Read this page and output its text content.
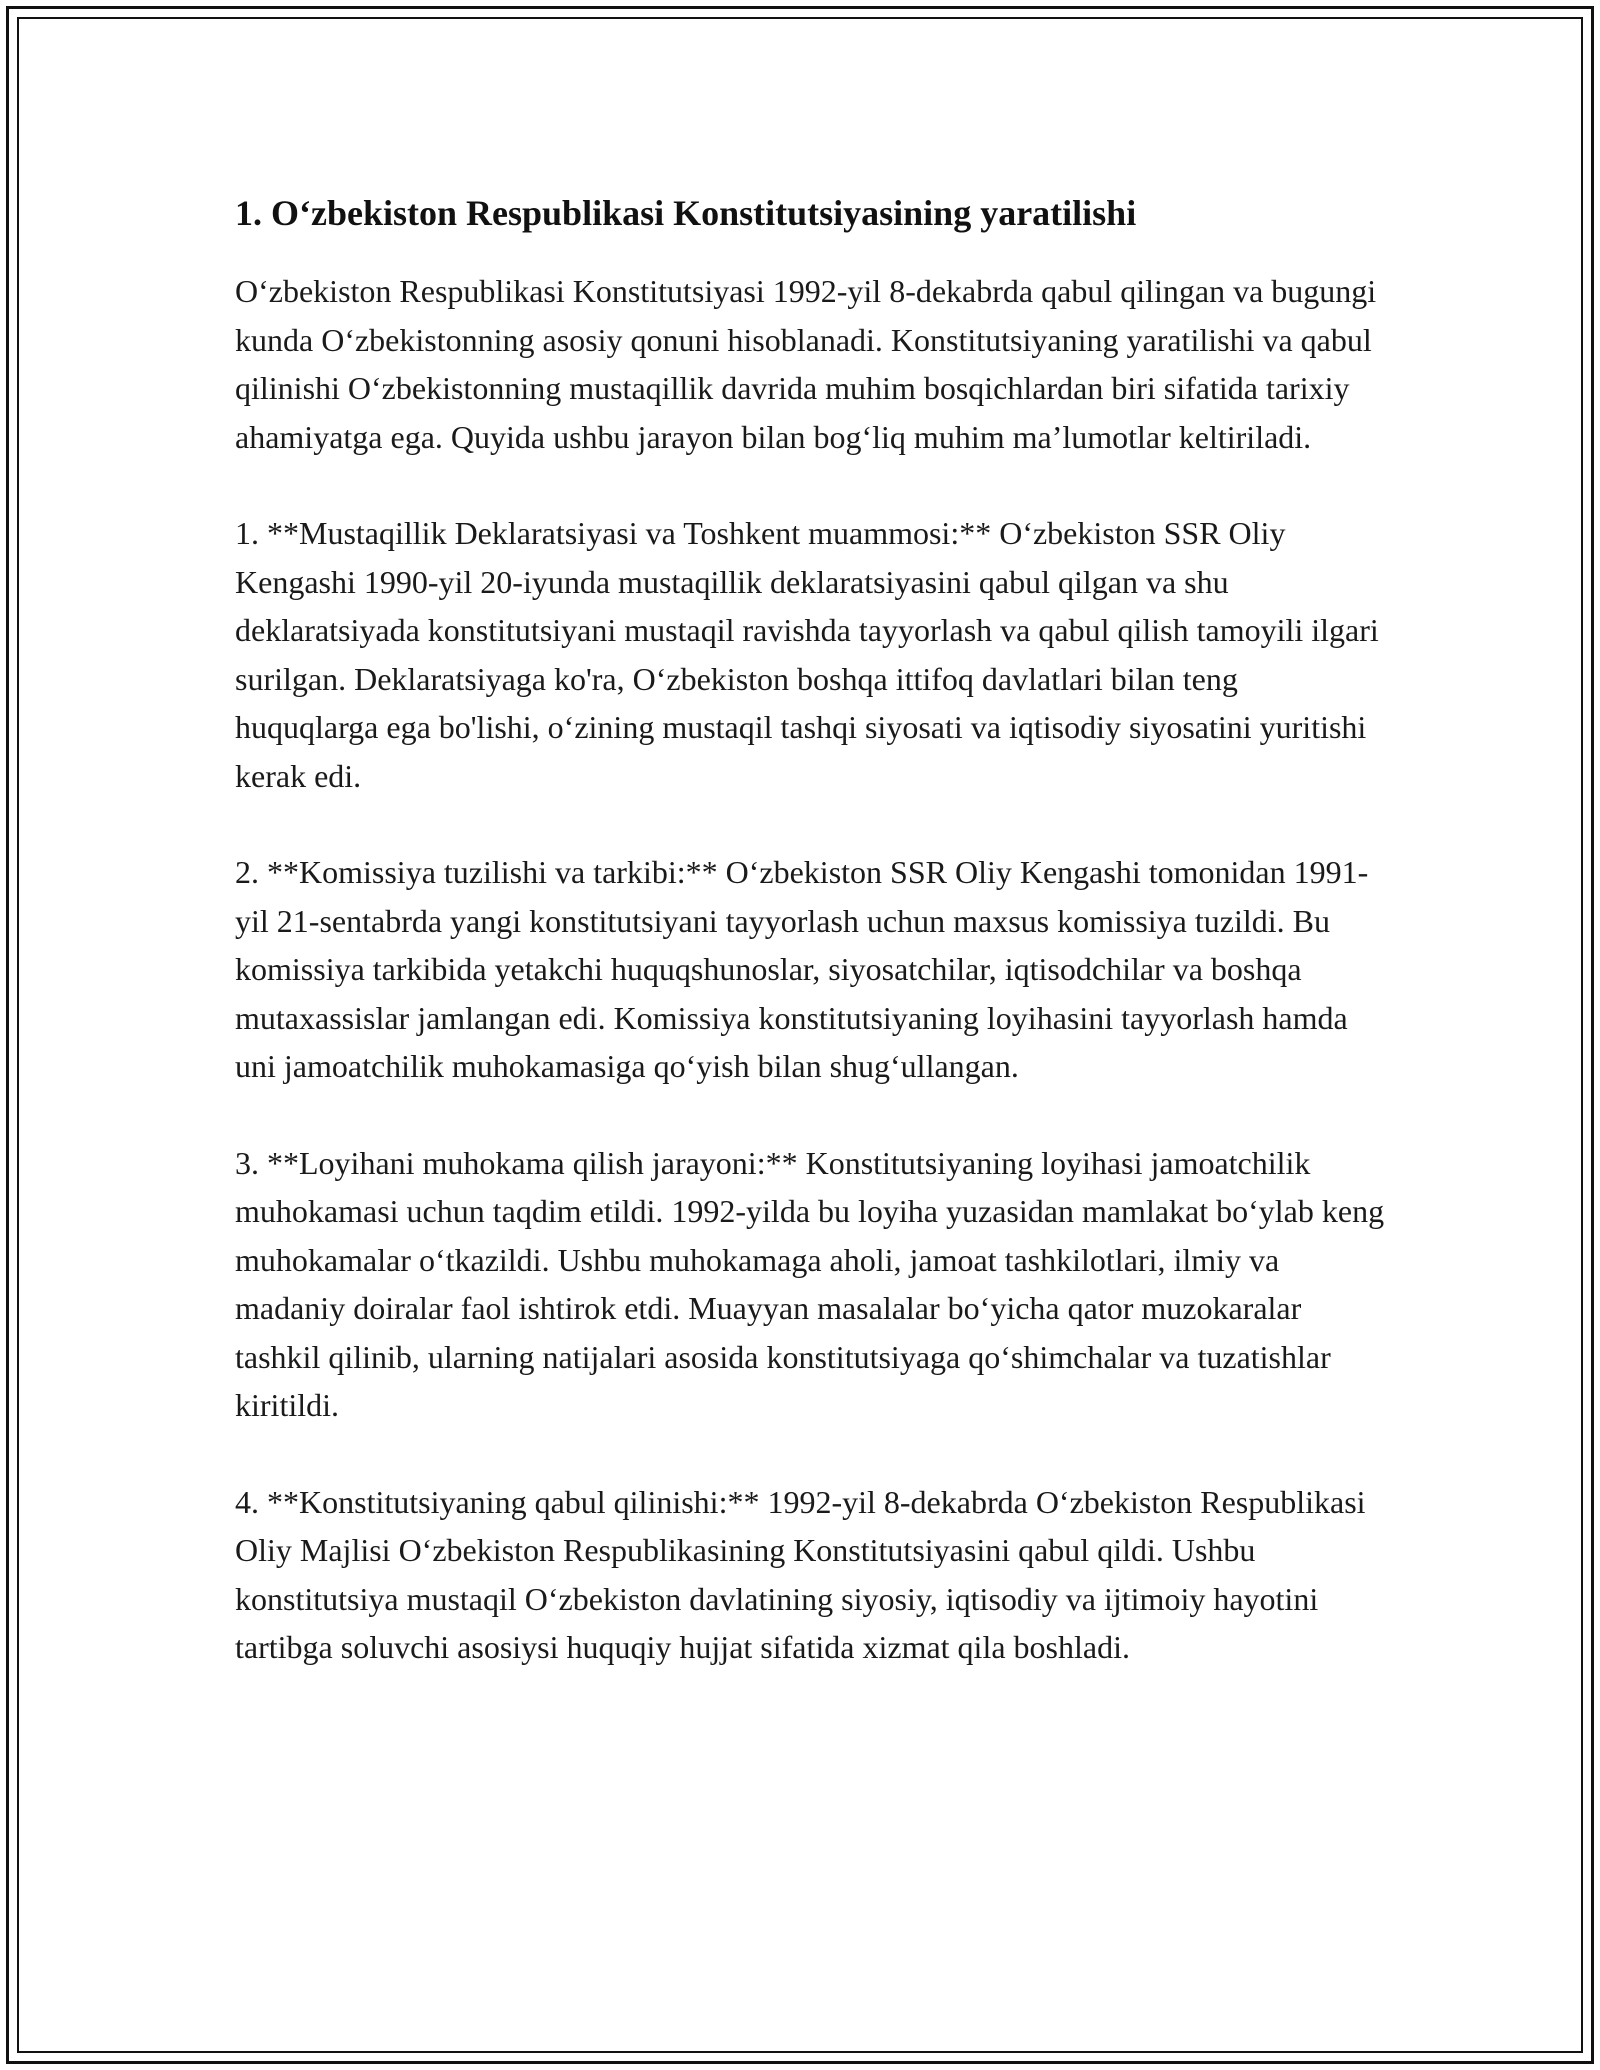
1. Oʻzbekiston Respublikasi Konstitutsiyasining yaratilishi

Oʻzbekiston Respublikasi Konstitutsiyasi 1992-yil 8-dekabrda qabul qilingan va bugungi kunda Oʻzbekistonning asosiy qonuni hisoblanadi. Konstitutsiyaning yaratilishi va qabul qilinishi Oʻzbekistonning mustaqillik davrida muhim bosqichlardan biri sifatida tarixiy ahamiyatga ega. Quyida ushbu jarayon bilan bogʻliq muhim maʼlumotlar keltiriladi.

1. **Mustaqillik Deklaratsiyasi va Toshkent muammosi:** Oʻzbekiston SSR Oliy Kengashi 1990-yil 20-iyunda mustaqillik deklaratsiyasini qabul qilgan va shu deklaratsiyada konstitutsiyani mustaqil ravishda tayyorlash va qabul qilish tamoyili ilgari surilgan. Deklaratsiyaga ko'ra, Oʻzbekiston boshqa ittifoq davlatlari bilan teng huquqlarga ega bo'lishi, oʻzining mustaqil tashqi siyosati va iqtisodiy siyosatini yuritishi kerak edi.

2. **Komissiya tuzilishi va tarkibi:** Oʻzbekiston SSR Oliy Kengashi tomonidan 1991-yil 21-sentabrda yangi konstitutsiyani tayyorlash uchun maxsus komissiya tuzildi. Bu komissiya tarkibida yetakchi huquqshunoslar, siyosatchilar, iqtisodchilar va boshqa mutaxassislar jamlangan edi. Komissiya konstitutsiyaning loyihasini tayyorlash hamda uni jamoatchilik muhokamasiga qoʻyish bilan shugʻullangan.

3. **Loyihani muhokama qilish jarayoni:** Konstitutsiyaning loyihasi jamoatchilik muhokamasi uchun taqdim etildi. 1992-yilda bu loyiha yuzasidan mamlakat boʻylab keng muhokamalar oʻtkazildi. Ushbu muhokamaga aholi, jamoat tashkilotlari, ilmiy va madaniy doiralar faol ishtirok etdi. Muayyan masalalar boʻyicha qator muzokaralar tashkil qilinib, ularning natijalari asosida konstitutsiyaga qoʻshimchalar va tuzatishlar kiritildi.

4. **Konstitutsiyaning qabul qilinishi:** 1992-yil 8-dekabrda Oʻzbekiston Respublikasi Oliy Majlisi Oʻzbekiston Respublikasining Konstitutsiyasini qabul qildi. Ushbu konstitutsiya mustaqil Oʻzbekiston davlatining siyosiy, iqtisodiy va ijtimoiy hayotini tartibga soluvchi asosiysi huquqiy hujjat sifatida xizmat qila boshladi.
